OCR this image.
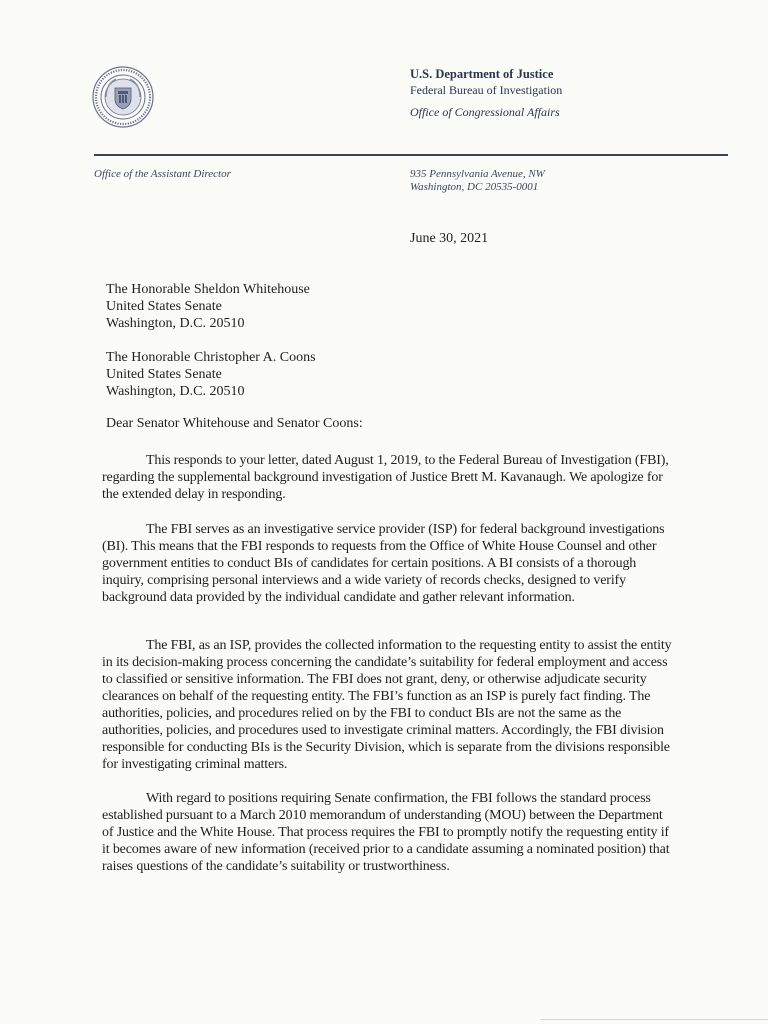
U.S. Department of Justice
Federal Bureau of Investigation
Office of Congressional Affairs
Office of the Assistant Director	935 Pennsylvania Avenue, NW
Washington, DC 20535-0001
June 30, 2021
The Honorable Sheldon Whitehouse
United States Senate
Washington, D.C. 20510
The Honorable Christopher A. Coons
United States Senate
Washington, D.C. 20510
Dear Senator Whitehouse and Senator Coons:
This responds to your letter, dated August 1, 2019, to the Federal Bureau of Investigation (FBI), regarding the supplemental background investigation of Justice Brett M. Kavanaugh. We apologize for the extended delay in responding.
The FBI serves as an investigative service provider (ISP) for federal background investigations (BI). This means that the FBI responds to requests from the Office of White House Counsel and other government entities to conduct BIs of candidates for certain positions. A BI consists of a thorough inquiry, comprising personal interviews and a wide variety of records checks, designed to verify background data provided by the individual candidate and gather relevant information.
The FBI, as an ISP, provides the collected information to the requesting entity to assist the entity in its decision-making process concerning the candidate’s suitability for federal employment and access to classified or sensitive information. The FBI does not grant, deny, or otherwise adjudicate security clearances on behalf of the requesting entity. The FBI’s function as an ISP is purely fact finding. The authorities, policies, and procedures relied on by the FBI to conduct BIs are not the same as the authorities, policies, and procedures used to investigate criminal matters. Accordingly, the FBI division responsible for conducting BIs is the Security Division, which is separate from the divisions responsible for investigating criminal matters.
With regard to positions requiring Senate confirmation, the FBI follows the standard process established pursuant to a March 2010 memorandum of understanding (MOU) between the Department of Justice and the White House. That process requires the FBI to promptly notify the requesting entity if it becomes aware of new information (received prior to a candidate assuming a nominated position) that raises questions of the candidate’s suitability or trustworthiness.
